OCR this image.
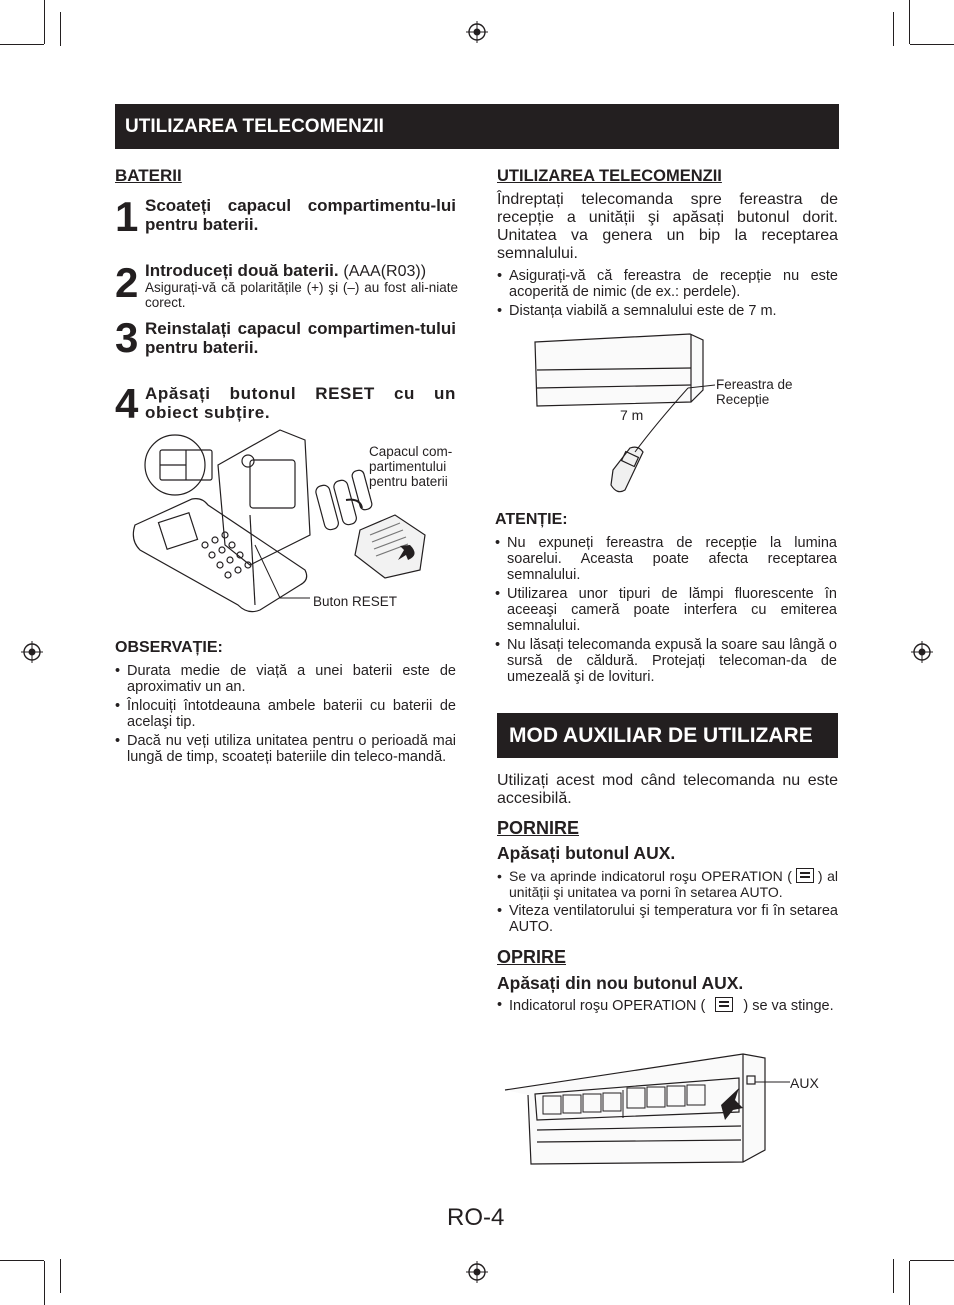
UTILIZAREA TELECOMENZII
BATERII
1 Scoateți capacul compartimentu-lui pentru baterii.
2 Introduceți două baterii. (AAA(R03))
Asigurați-vă că polaritățile (+) şi (–) au fost ali-niate corect.
3 Reinstalați capacul compartimen-tului pentru baterii.
4 Apăsați butonul RESET cu un obiect subțire.
Capacul com-partimentului pentru baterii
Buton RESET
OBSERVAȚIE:
• Durata medie de viață a unei baterii este de aproximativ un an.
• Înlocuiți întotdeauna ambele baterii cu baterii de acelaşi tip.
• Dacă nu veți utiliza unitatea pentru o perioadă mai lungă de timp, scoateți bateriile din teleco-mandă.
UTILIZAREA TELECOMENZII
Îndreptați telecomanda spre fereastra de recepție a unității şi apăsați butonul dorit. Unitatea va genera un bip la receptarea semnalului.
• Asigurați-vă că fereastra de recepție nu este acoperită de nimic (de ex.: perdele).
• Distanța viabilă a semnalului este de 7 m.
Fereastra de Recepție
7 m
ATENȚIE:
• Nu expuneți fereastra de recepție la lumina soarelui. Aceasta poate afecta receptarea semnalului.
• Utilizarea unor tipuri de lămpi fluorescente în aceeaşi cameră poate interfera cu emiterea semnalului.
• Nu lăsați telecomanda expusă la soare sau lângă o sursă de căldură. Protejați telecoman-da de umezeală şi de lovituri.
MOD AUXILIAR DE UTILIZARE
Utilizați acest mod când telecomanda nu este accesibilă.
PORNIRE
Apăsați butonul AUX.
• Se va aprinde indicatorul roşu OPERATION ( ) al unității şi unitatea va porni în setarea AUTO.
• Viteza ventilatorului şi temperatura vor fi în setarea AUTO.
OPRIRE
Apăsați din nou butonul AUX.
• Indicatorul roşu OPERATION (	) se va stinge.
AUX
RO-4
